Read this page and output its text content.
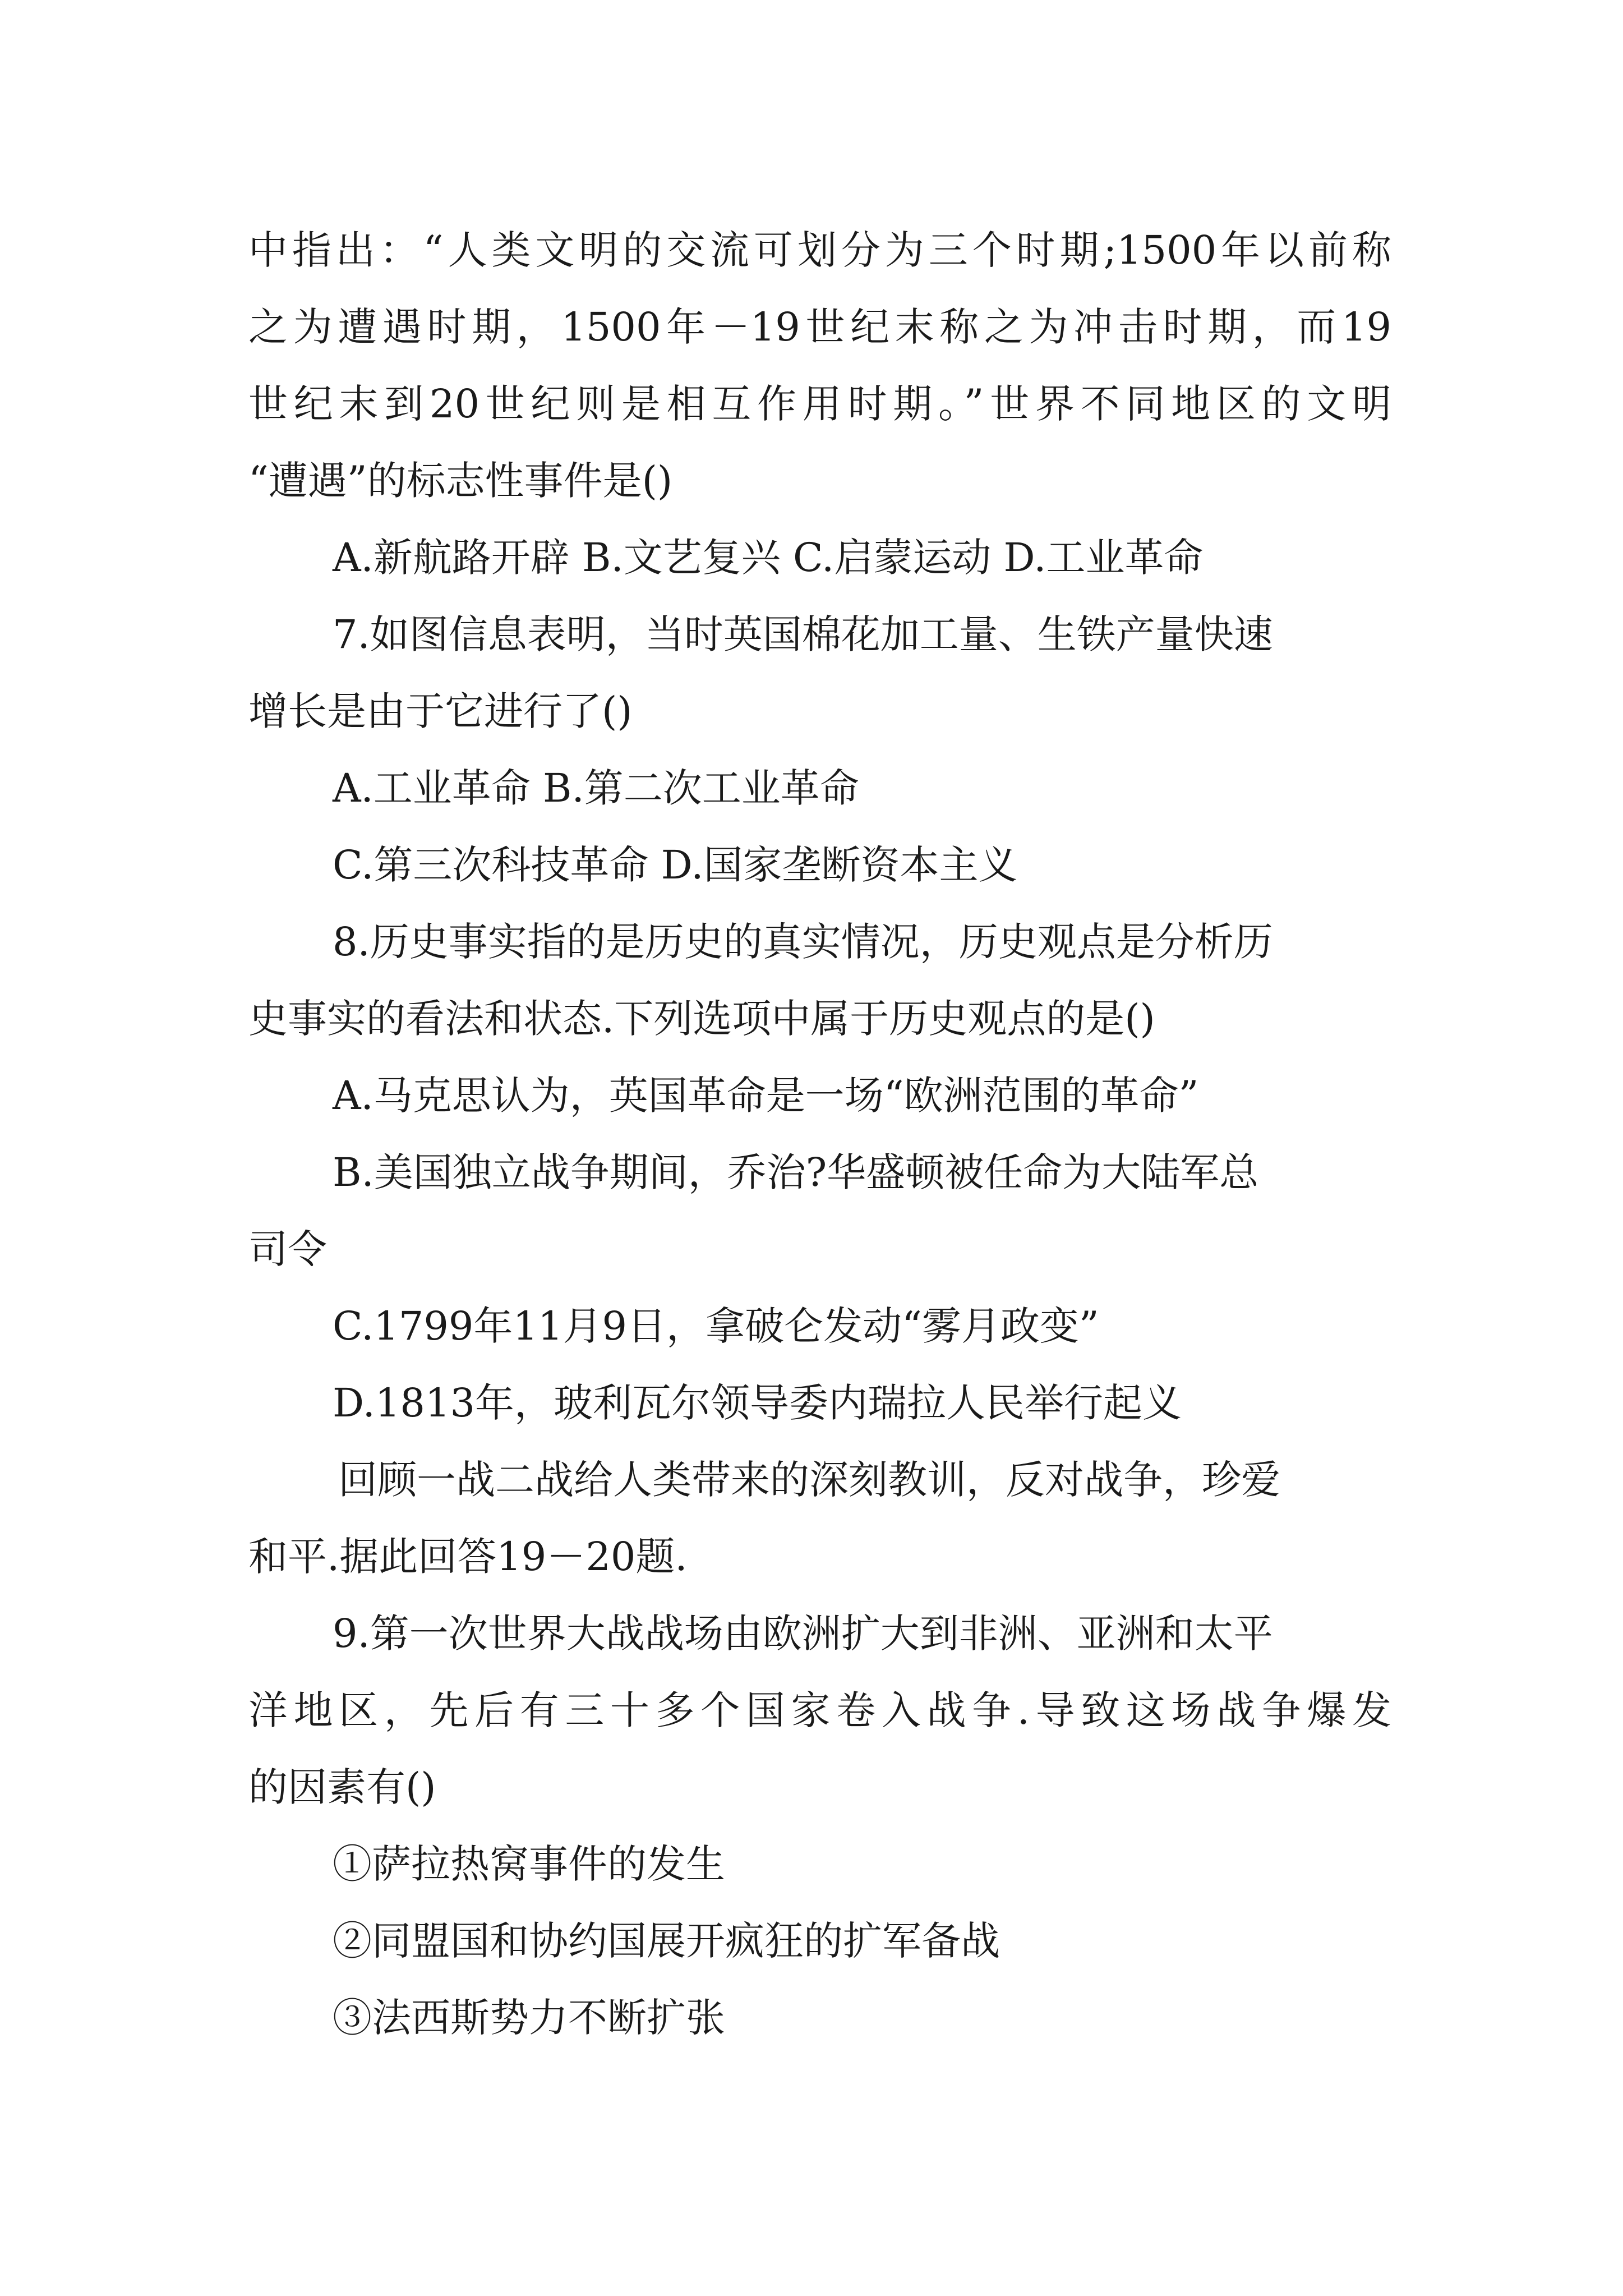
中指出：“人类文明的交流可划分为三个时期;1500年以前称
之为遭遇时期，1500年－19世纪末称之为冲击时期，而19
世纪末到20世纪则是相互作用时期。”世界不同地区的文明
“遭遇”的标志性事件是()
A.新航路开辟 B.文艺复兴 C.启蒙运动 D.工业革命
7.如图信息表明，当时英国棉花加工量、生铁产量快速
增长是由于它进行了()
A.工业革命 B.第二次工业革命
C.第三次科技革命 D.国家垄断资本主义
8.历史事实指的是历史的真实情况，历史观点是分析历
史事实的看法和状态.下列选项中属于历史观点的是()
A.马克思认为，英国革命是一场“欧洲范围的革命”
B.美国独立战争期间，乔治?华盛顿被任命为大陆军总
司令
C.1799年11月9日，拿破仑发动“雾月政变”
D.1813年，玻利瓦尔领导委内瑞拉人民举行起义
回顾一战二战给人类带来的深刻教训，反对战争，珍爱
和平.据此回答19－20题.
9.第一次世界大战战场由欧洲扩大到非洲、亚洲和太平
洋地区，先后有三十多个国家卷入战争.导致这场战争爆发
的因素有()
①萨拉热窝事件的发生
②同盟国和协约国展开疯狂的扩军备战
③法西斯势力不断扩张
